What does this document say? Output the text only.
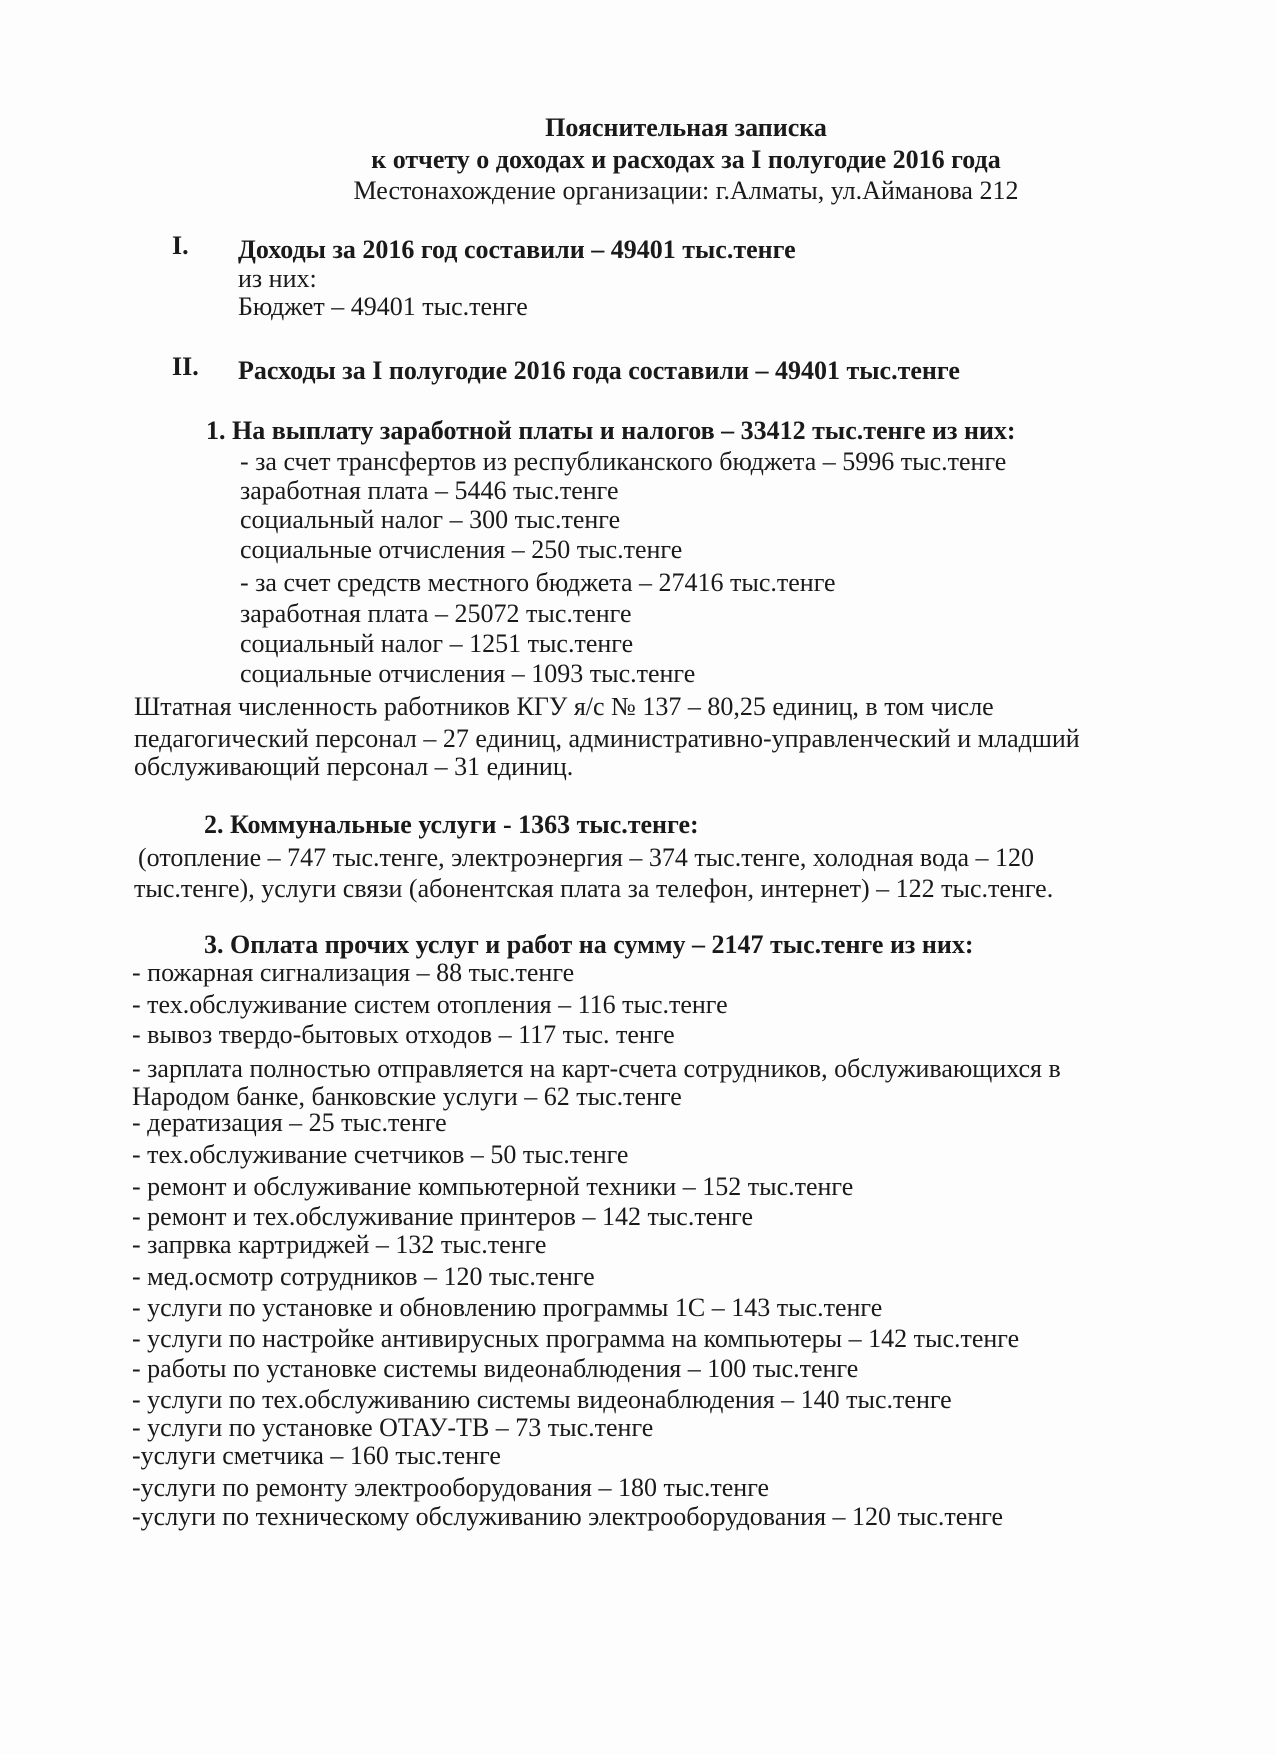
Пояснительная записка
к отчету о доходах и расходах за I полугодие 2016 года
Местонахождение организации: г.Алматы, ул.Айманова 212
I. Доходы за 2016 год составили – 49401 тыс.тенге
из них:
Бюджет – 49401 тыс.тенге
II. Расходы за I полугодие 2016 года составили – 49401 тыс.тенге
1. На выплату заработной платы и налогов – 33412 тыс.тенге из них:
- за счет трансфертов из республиканского бюджета – 5996 тыс.тенге
заработная плата – 5446 тыс.тенге
социальный налог – 300 тыс.тенге
социальные отчисления – 250 тыс.тенге
- за счет средств местного бюджета – 27416 тыс.тенге
заработная плата – 25072 тыс.тенге
социальный налог – 1251 тыс.тенге
социальные отчисления – 1093 тыс.тенге
Штатная численность работников КГУ я/с № 137 – 80,25 единиц, в том числе
педагогический персонал – 27 единиц, административно-управленческий и младший
обслуживающий персонал – 31 единиц.
2. Коммунальные услуги - 1363 тыс.тенге:
(отопление – 747 тыс.тенге, электроэнергия – 374 тыс.тенге, холодная вода – 120
тыс.тенге), услуги связи (абонентская плата за телефон, интернет) – 122 тыс.тенге.
3. Оплата прочих услуг и работ на сумму – 2147 тыс.тенге из них:
- пожарная сигнализация – 88 тыс.тенге
- тех.обслуживание систем отопления – 116 тыс.тенге
- вывоз твердо-бытовых отходов – 117 тыс. тенге
- зарплата полностью отправляется на карт-счета сотрудников, обслуживающихся в
Народом банке, банковские услуги – 62 тыс.тенге
- дератизация – 25 тыс.тенге
- тех.обслуживание счетчиков – 50 тыс.тенге
- ремонт и обслуживание компьютерной техники – 152 тыс.тенге
- ремонт и тех.обслуживание принтеров – 142 тыс.тенге
- запрвка картриджей – 132 тыс.тенге
- мед.осмотр сотрудников – 120 тыс.тенге
- услуги по установке и обновлению программы 1С – 143 тыс.тенге
- услуги по настройке антивирусных программа на компьютеры – 142 тыс.тенге
- работы по установке системы видеонаблюдения – 100 тыс.тенге
- услуги по тех.обслуживанию системы видеонаблюдения – 140 тыс.тенге
- услуги по установке ОТАУ-ТВ – 73 тыс.тенге
-услуги сметчика – 160 тыс.тенге
-услуги по ремонту электрооборудования – 180 тыс.тенге
-услуги по техническому обслуживанию электрооборудования – 120 тыс.тенге
